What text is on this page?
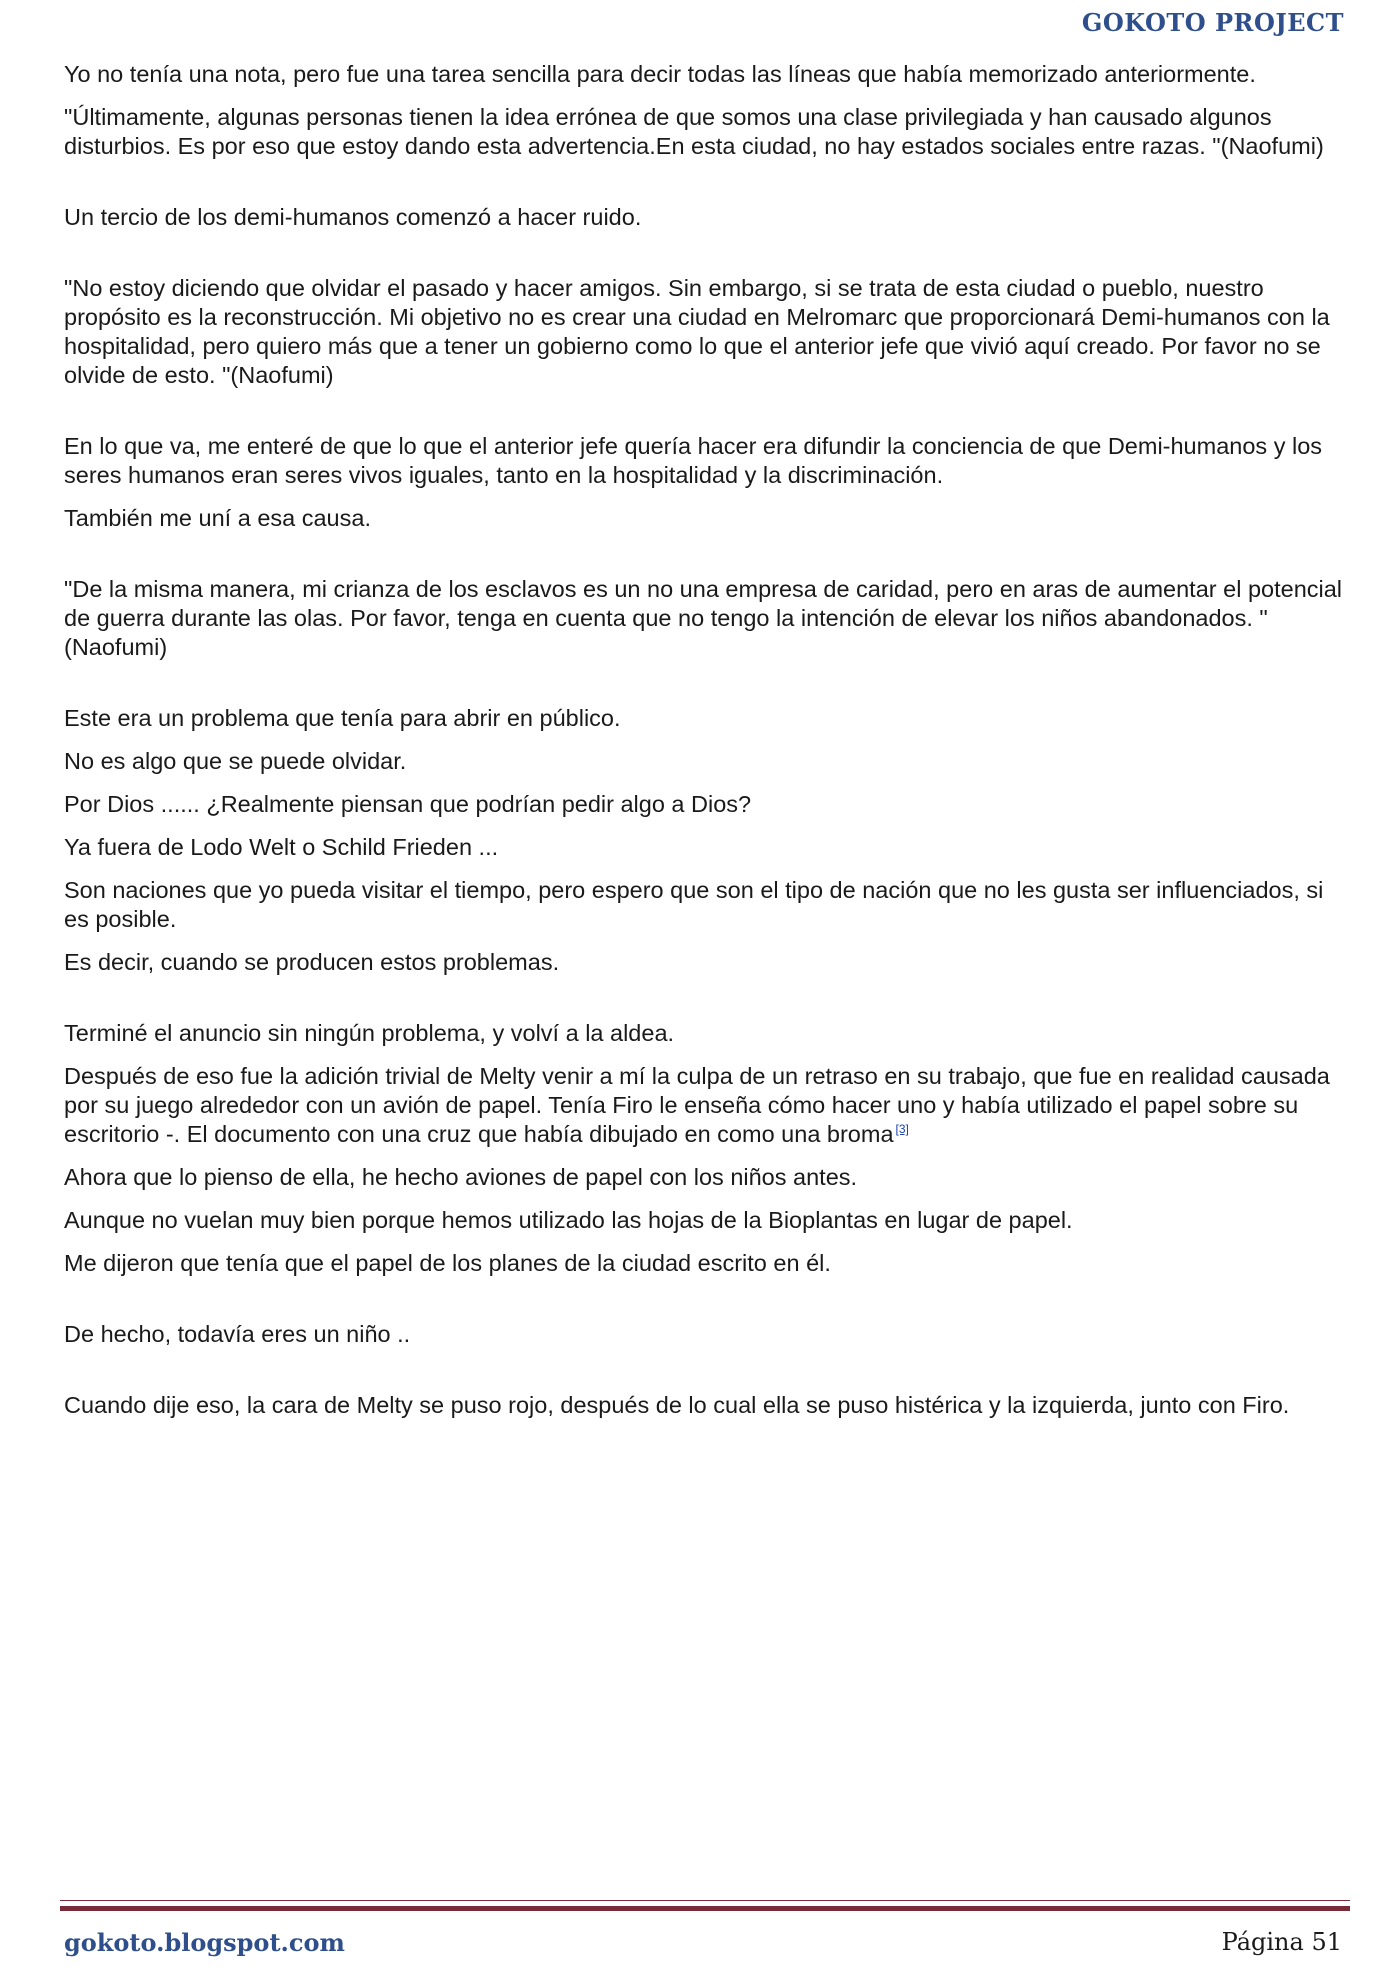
GOKOTO PROJECT

Yo no tenía una nota, pero fue una tarea sencilla para decir todas las líneas que había memorizado anteriormente.

"Últimamente, algunas personas tienen la idea errónea de que somos una clase privilegiada y han causado algunos disturbios. Es por eso que estoy dando esta advertencia.En esta ciudad, no hay estados sociales entre razas. "(Naofumi)

Un tercio de los demi-humanos comenzó a hacer ruido.

"No estoy diciendo que olvidar el pasado y hacer amigos. Sin embargo, si se trata de esta ciudad o pueblo, nuestro propósito es la reconstrucción. Mi objetivo no es crear una ciudad en Melromarc que proporcionará Demi-humanos con la hospitalidad, pero quiero más que a tener un gobierno como lo que el anterior jefe que vivió aquí creado. Por favor no se olvide de esto. "(Naofumi)

En lo que va, me enteré de que lo que el anterior jefe quería hacer era difundir la conciencia de que Demi-humanos y los seres humanos eran seres vivos iguales, tanto en la hospitalidad y la discriminación.

También me uní a esa causa.

"De la misma manera, mi crianza de los esclavos es un no una empresa de caridad, pero en aras de aumentar el potencial de guerra durante las olas. Por favor, tenga en cuenta que no tengo la intención de elevar los niños abandonados. "(Naofumi)

Este era un problema que tenía para abrir en público.

No es algo que se puede olvidar.

Por Dios ...... ¿Realmente piensan que podrían pedir algo a Dios?

Ya fuera de Lodo Welt o Schild Frieden ...

Son naciones que yo pueda visitar el tiempo, pero espero que son el tipo de nación que no les gusta ser influenciados, si es posible.

Es decir, cuando se producen estos problemas.

Terminé el anuncio sin ningún problema, y volví a la aldea.

Después de eso fue la adición trivial de Melty venir a mí la culpa de un retraso en su trabajo, que fue en realidad causada por su juego alrededor con un avión de papel. Tenía Firo le enseña cómo hacer uno y había utilizado el papel sobre su escritorio -. El documento con una cruz que había dibujado en como una broma [3]

Ahora que lo pienso de ella, he hecho aviones de papel con los niños antes.

Aunque no vuelan muy bien porque hemos utilizado las hojas de la Bioplantas en lugar de papel.

Me dijeron que tenía que el papel de los planes de la ciudad escrito en él.

De hecho, todavía eres un niño ..

Cuando dije eso, la cara de Melty se puso rojo, después de lo cual ella se puso histérica y la izquierda, junto con Firo.

gokoto.blogspot.com	Página 51
